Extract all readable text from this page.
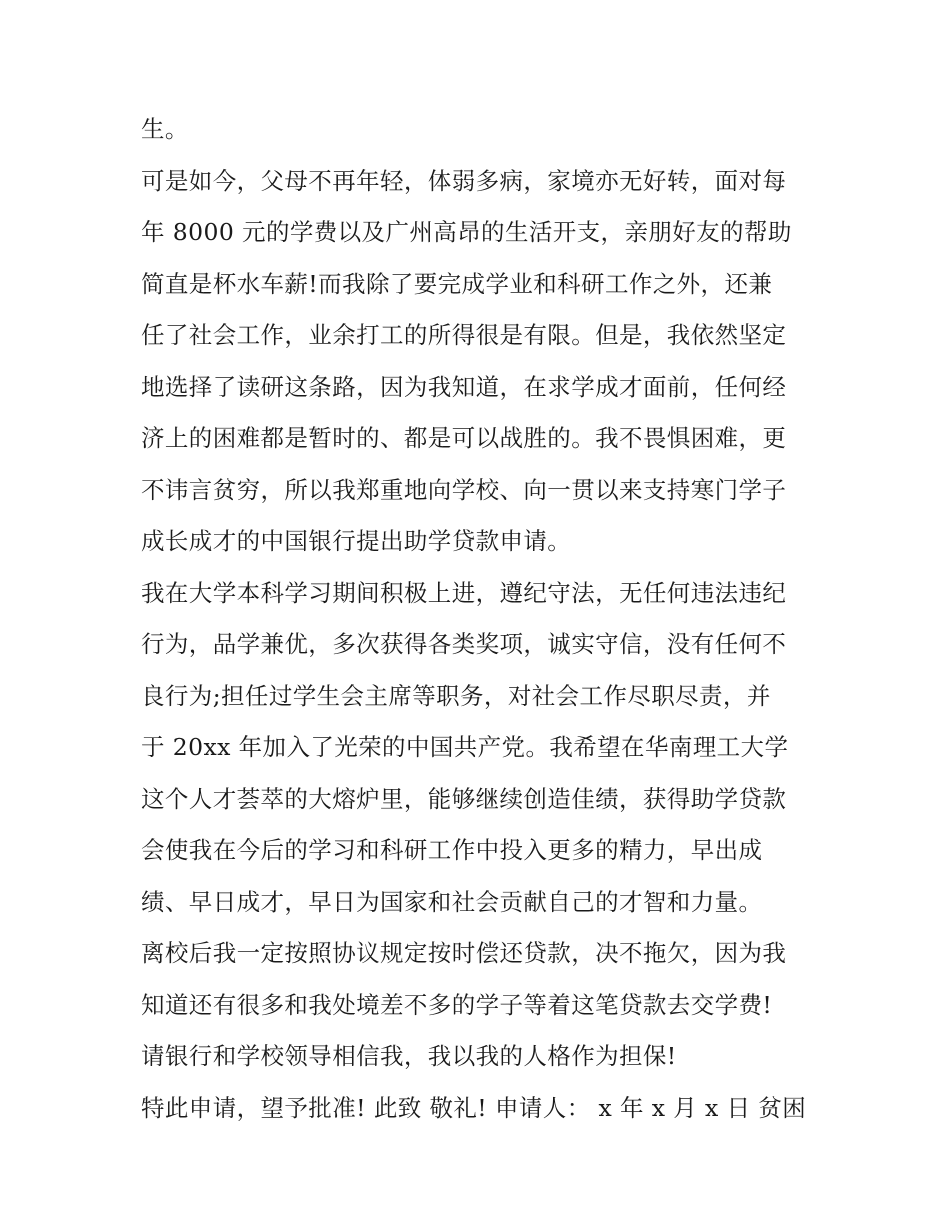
生。
可是如今，父母不再年轻，体弱多病，家境亦无好转，面对每
年 8000 元的学费以及广州高昂的生活开支，亲朋好友的帮助
简直是杯水车薪!而我除了要完成学业和科研工作之外，还兼
任了社会工作，业余打工的所得很是有限。但是，我依然坚定
地选择了读研这条路，因为我知道，在求学成才面前，任何经
济上的困难都是暂时的、都是可以战胜的。我不畏惧困难，更
不讳言贫穷，所以我郑重地向学校、向一贯以来支持寒门学子
成长成才的中国银行提出助学贷款申请。
我在大学本科学习期间积极上进，遵纪守法，无任何违法违纪
行为，品学兼优，多次获得各类奖项，诚实守信，没有任何不
良行为;担任过学生会主席等职务，对社会工作尽职尽责，并
于 20xx 年加入了光荣的中国共产党。我希望在华南理工大学
这个人才荟萃的大熔炉里，能够继续创造佳绩，获得助学贷款
会使我在今后的学习和科研工作中投入更多的精力，早出成
绩、早日成才，早日为国家和社会贡献自己的才智和力量。
离校后我一定按照协议规定按时偿还贷款，决不拖欠，因为我
知道还有很多和我处境差不多的学子等着这笔贷款去交学费!
请银行和学校领导相信我，我以我的人格作为担保!
特此申请，望予批准! 此致 敬礼! 申请人： x 年 x 月 x 日 贫困
